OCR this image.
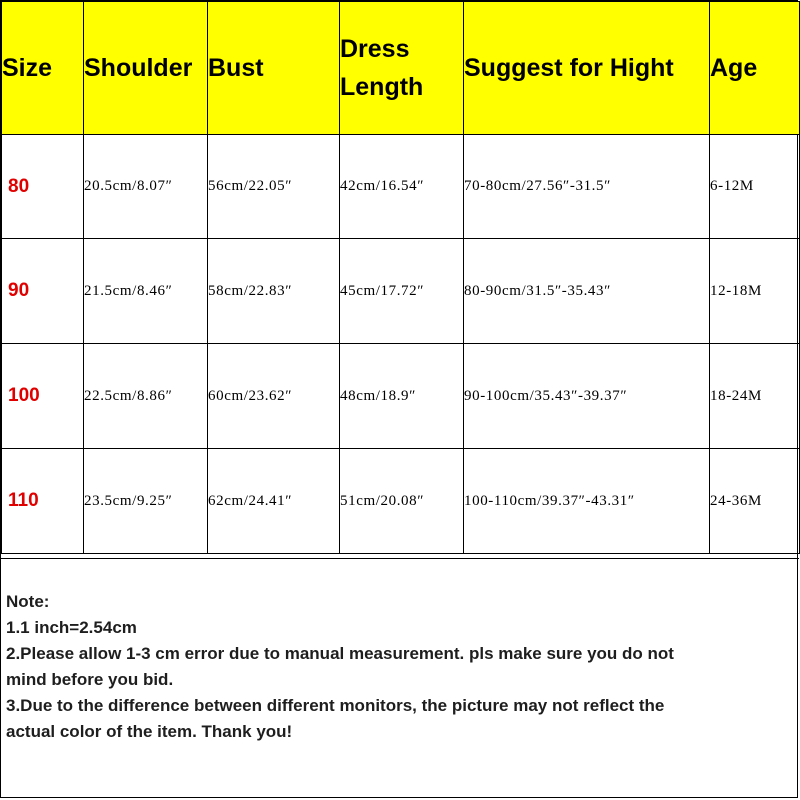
Size	Shoulder	Bust	Dress Length	Suggest for Hight	Age
80	20.5cm/8.07″	56cm/22.05″	42cm/16.54″	70-80cm/27.56″-31.5″	6-12M
90	21.5cm/8.46″	58cm/22.83″	45cm/17.72″	80-90cm/31.5″-35.43″	12-18M
100	22.5cm/8.86″	60cm/23.62″	48cm/18.9″	90-100cm/35.43″-39.37″	18-24M
110	23.5cm/9.25″	62cm/24.41″	51cm/20.08″	100-110cm/39.37″-43.31″	24-36M
Note:
1.1 inch=2.54cm
2.Please allow 1-3 cm error due to manual measurement. pls make sure you do not
mind before you bid.
3.Due to the difference between different monitors, the picture may not reflect the
actual color of the item. Thank you!
